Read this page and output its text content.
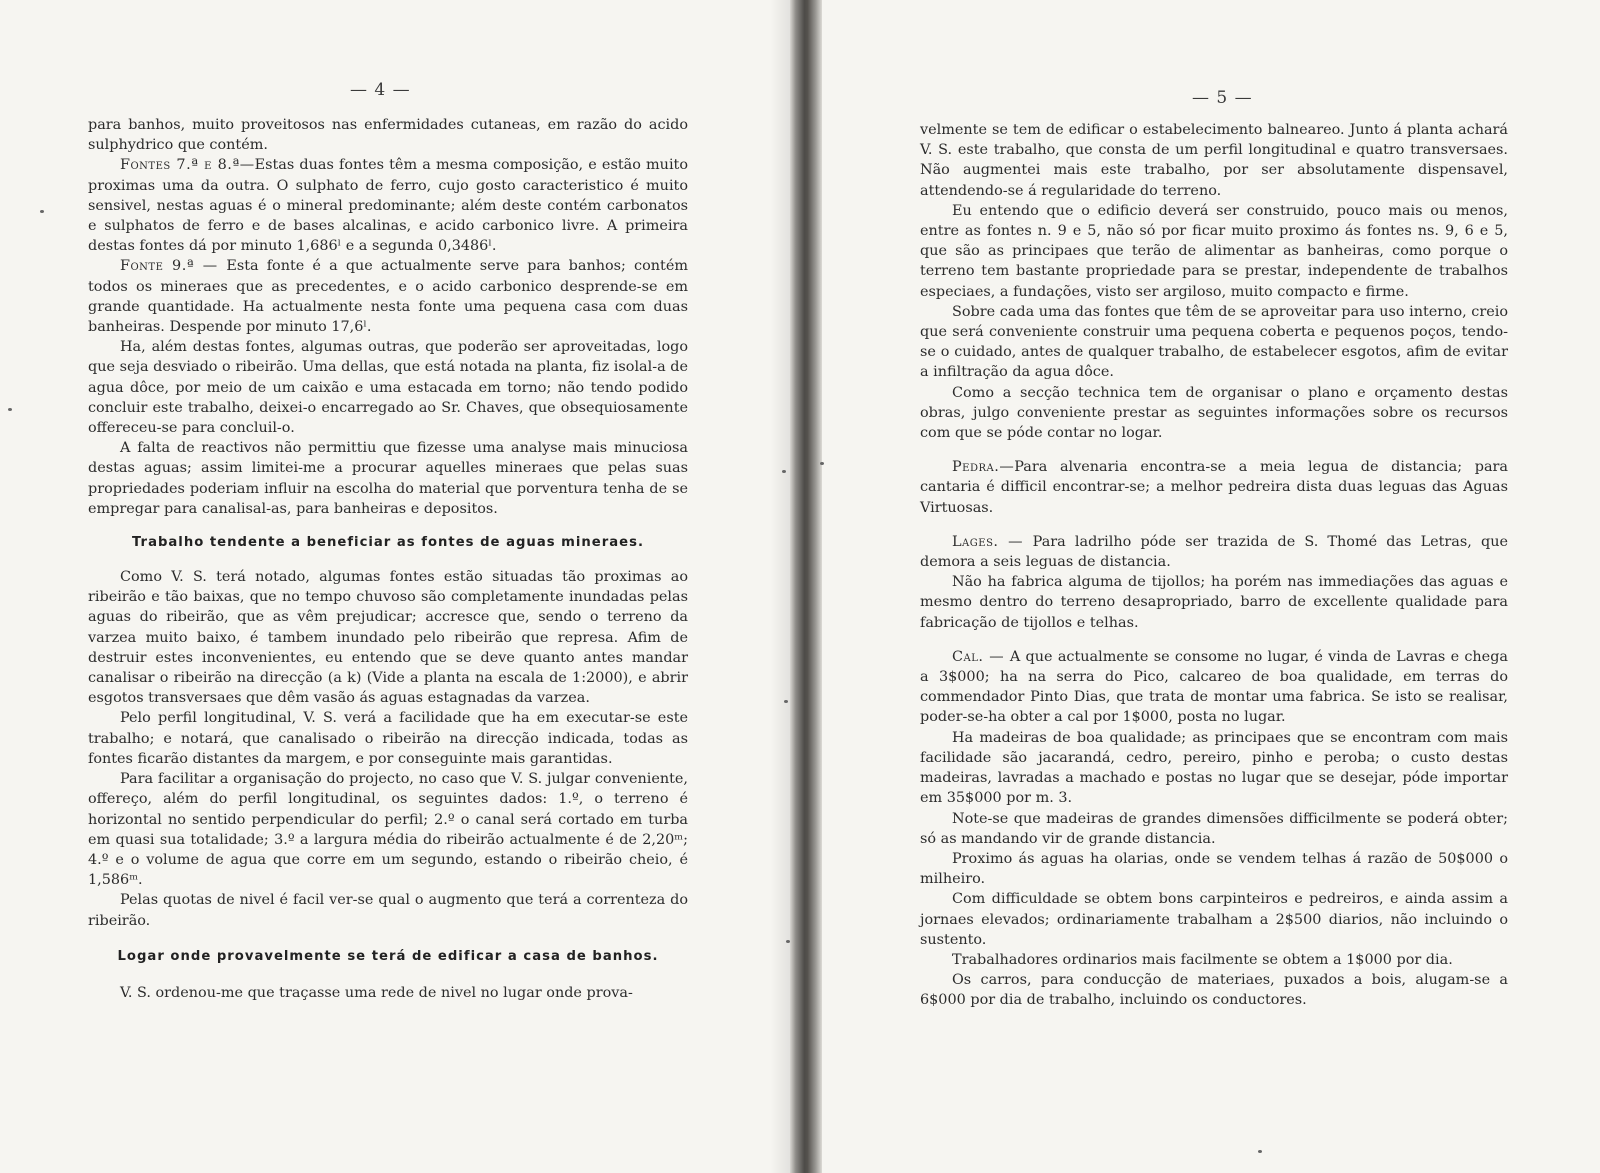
— 4 —

para banhos, muito proveitosos nas enfermidades cutaneas, em razão do acido sulphydrico que contém.

Fontes 7.ª e 8.ª—Estas duas fontes têm a mesma composição, e estão muito proximas uma da outra. O sulphato de ferro, cujo gosto caracteristico é muito sensivel, nestas aguas é o mineral predominante; além deste contém carbonatos e sulphatos de ferro e de bases alcalinas, e acido carbonico livre. A primeira destas fontes dá por minuto 1,686ˡ e a segunda 0,3486ˡ.

Fonte 9.ª — Esta fonte é a que actualmente serve para banhos; contém todos os mineraes que as precedentes, e o acido carbonico desprende-se em grande quantidade. Ha actualmente nesta fonte uma pequena casa com duas banheiras. Despende por minuto 17,6ˡ.

Ha, além destas fontes, algumas outras, que poderão ser aproveitadas, logo que seja desviado o ribeirão. Uma dellas, que está notada na planta, fiz isolal-a de agua dôce, por meio de um caixão e uma estacada em torno; não tendo podido concluir este trabalho, deixei-o encarregado ao Sr. Chaves, que obsequiosamente offereceu-se para concluil-o.

A falta de reactivos não permittiu que fizesse uma analyse mais minuciosa destas aguas; assim limitei-me a procurar aquelles mineraes que pelas suas propriedades poderiam influir na escolha do material que porventura tenha de se empregar para canalisal-as, para banheiras e depositos.

Trabalho tendente a beneficiar as fontes de aguas mineraes.

Como V. S. terá notado, algumas fontes estão situadas tão proximas ao ribeirão e tão baixas, que no tempo chuvoso são completamente inundadas pelas aguas do ribeirão, que as vêm prejudicar; accresce que, sendo o terreno da varzea muito baixo, é tambem inundado pelo ribeirão que represa. Afim de destruir estes inconvenientes, eu entendo que se deve quanto antes mandar canalisar o ribeirão na direcção (a k) (Vide a planta na escala de 1:2000), e abrir esgotos transversaes que dêm vasão ás aguas estagnadas da varzea.

Pelo perfil longitudinal, V. S. verá a facilidade que ha em executar-se este trabalho; e notará, que canalisado o ribeirão na direcção indicada, todas as fontes ficarão distantes da margem, e por conseguinte mais garantidas.

Para facilitar a organisação do projecto, no caso que V. S. julgar conveniente, offereço, além do perfil longitudinal, os seguintes dados: 1.º, o terreno é horizontal no sentido perpendicular do perfil; 2.º o canal será cortado em turba em quasi sua totalidade; 3.º a largura média do ribeirão actualmente é de 2,20ᵐ; 4.º e o volume de agua que corre em um segundo, estando o ribeirão cheio, é 1,586ᵐ.

Pelas quotas de nivel é facil ver-se qual o augmento que terá a correnteza do ribeirão.

Logar onde provavelmente se terá de edificar a casa de banhos.

V. S. ordenou-me que traçasse uma rede de nivel no lugar onde prova-

— 5 —

velmente se tem de edificar o estabelecimento balneareo. Junto á planta achará V. S. este trabalho, que consta de um perfil longitudinal e quatro transversaes. Não augmentei mais este trabalho, por ser absolutamente dispensavel, attendendo-se á regularidade do terreno.

Eu entendo que o edificio deverá ser construido, pouco mais ou menos, entre as fontes n. 9 e 5, não só por ficar muito proximo ás fontes ns. 9, 6 e 5, que são as principaes que terão de alimentar as banheiras, como porque o terreno tem bastante propriedade para se prestar, independente de trabalhos especiaes, a fundações, visto ser argiloso, muito compacto e firme.

Sobre cada uma das fontes que têm de se aproveitar para uso interno, creio que será conveniente construir uma pequena coberta e pequenos poços, tendo-se o cuidado, antes de qualquer trabalho, de estabelecer esgotos, afim de evitar a infiltração da agua dôce.

Como a secção technica tem de organisar o plano e orçamento destas obras, julgo conveniente prestar as seguintes informações sobre os recursos com que se póde contar no logar.

Pedra.—Para alvenaria encontra-se a meia legua de distancia; para cantaria é difficil encontrar-se; a melhor pedreira dista duas leguas das Aguas Virtuosas.

Lages. — Para ladrilho póde ser trazida de S. Thomé das Letras, que demora a seis leguas de distancia.

Não ha fabrica alguma de tijollos; ha porém nas immediações das aguas e mesmo dentro do terreno desapropriado, barro de excellente qualidade para fabricação de tijollos e telhas.

Cal. — A que actualmente se consome no lugar, é vinda de Lavras e chega a 3$000; ha na serra do Pico, calcareo de boa qualidade, em terras do commendador Pinto Dias, que trata de montar uma fabrica. Se isto se realisar, poder-se-ha obter a cal por 1$000, posta no lugar.

Ha madeiras de boa qualidade; as principaes que se encontram com mais facilidade são jacarandá, cedro, pereiro, pinho e peroba; o custo destas madeiras, lavradas a machado e postas no lugar que se desejar, póde importar em 35$000 por m. 3.

Note-se que madeiras de grandes dimensões difficilmente se poderá obter; só as mandando vir de grande distancia.

Proximo ás aguas ha olarias, onde se vendem telhas á razão de 50$000 o milheiro.

Com difficuldade se obtem bons carpinteiros e pedreiros, e ainda assim a jornaes elevados; ordinariamente trabalham a 2$500 diarios, não incluindo o sustento.

Trabalhadores ordinarios mais facilmente se obtem a 1$000 por dia.

Os carros, para conducção de materiaes, puxados a bois, alugam-se a 6$000 por dia de trabalho, incluindo os conductores.
